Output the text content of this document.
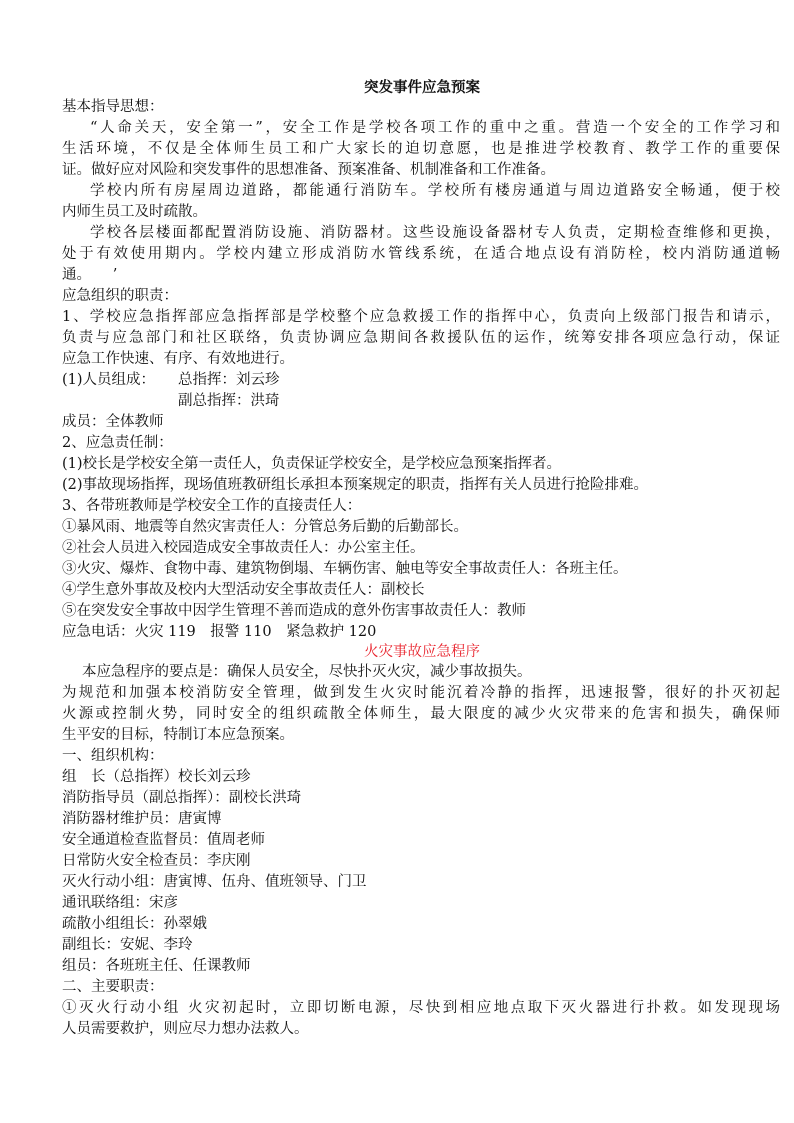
突发事件应急预案
基本指导思想：
“人命关天，安全第一”，安全工作是学校各项工作的重中之重。营造一个安全的工作学习和
生活环境，不仅是全体师生员工和广大家长的迫切意愿，也是推进学校教育、教学工作的重要保
证。做好应对风险和突发事件的思想准备、预案准备、机制准备和工作准备。
学校内所有房屋周边道路，都能通行消防车。学校所有楼房通道与周边道路安全畅通，便于校
内师生员工及时疏散。
学校各层楼面都配置消防设施、消防器材。这些设施设备器材专人负责，定期检查维修和更换，
处于有效使用期内。学校内建立形成消防水管线系统，在适合地点设有消防栓，校内消防通道畅
通。　　’
应急组织的职责：
1、学校应急指挥部应急指挥部是学校整个应急救援工作的指挥中心，负责向上级部门报告和请示，
负责与应急部门和社区联络，负责协调应急期间各救援队伍的运作，统筹安排各项应急行动，保证
应急工作快速、有序、有效地进行。
(1)人员组成： 总指挥：刘云珍
副总指挥：洪琦
成员：全体教师
2、应急责任制：
(1)校长是学校安全第一责任人，负责保证学校安全，是学校应急预案指挥者。
(2)事故现场指挥，现场值班教研组长承担本预案规定的职责，指挥有关人员进行抢险排难。
3、各带班教师是学校安全工作的直接责任人：
①暴风雨、地震等自然灾害责任人：分管总务后勤的后勤部长。
②社会人员进入校园造成安全事故责任人：办公室主任。
③火灾、爆炸、食物中毒、建筑物倒塌、车辆伤害、触电等安全事故责任人：各班主任。
④学生意外事故及校内大型活动安全事故责任人：副校长
⑤在突发安全事故中因学生管理不善而造成的意外伤害事故责任人：教师
应急电话：火灾 119　报警 110　紧急救护 120
火灾事故应急程序
本应急程序的要点是：确保人员安全，尽快扑灭火灾，减少事故损失。
为规范和加强本校消防安全管理，做到发生火灾时能沉着冷静的指挥，迅速报警，很好的扑灭初起
火源或控制火势，同时安全的组织疏散全体师生，最大限度的减少火灾带来的危害和损失，确保师
生平安的目标，特制订本应急预案。
一、组织机构：
组　长（总指挥）校长刘云珍
消防指导员（副总指挥）：副校长洪琦
消防器材维护员：唐寅博
安全通道检查监督员：值周老师
日常防火安全检查员：李庆刚
灭火行动小组：唐寅博、伍舟、值班领导、门卫
通讯联络组：宋彦
疏散小组组长：孙翠娥
副组长：安妮、李玲
组员：各班班主任、任课教师
二、主要职责：
①灭火行动小组 火灾初起时，立即切断电源，尽快到相应地点取下灭火器进行扑救。如发现现场
人员需要救护，则应尽力想办法救人。
